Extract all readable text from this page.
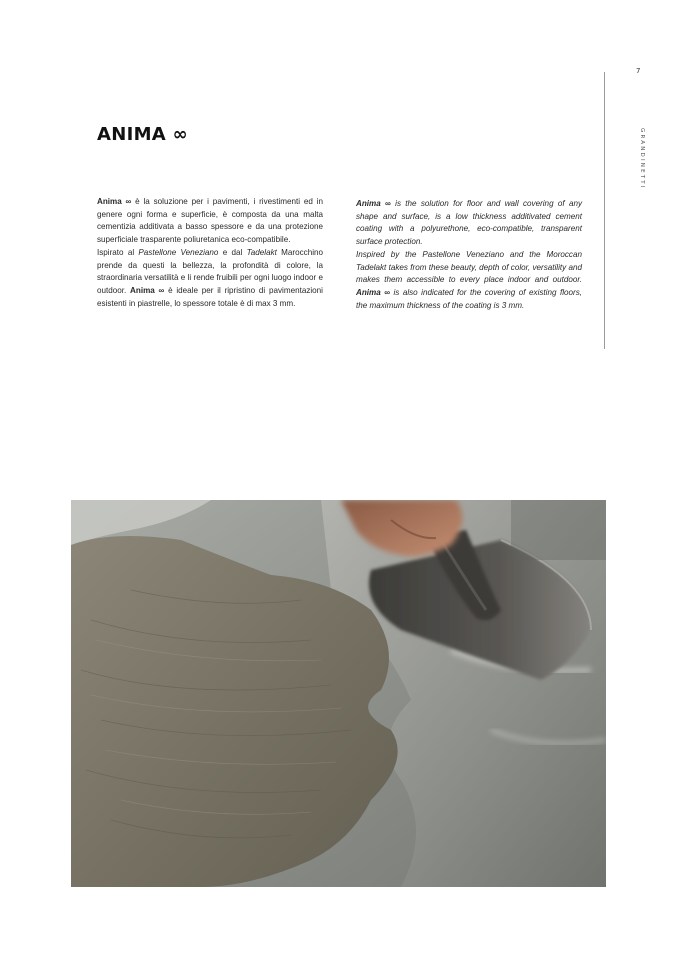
7
GRANDINETTI
ANIMA ∞

Anima ∞ è la soluzione per i pavimenti, i rivestimenti ed in genere ogni forma e superficie, è composta da una malta cementizia additivata a basso spessore e da una protezione superficiale trasparente poliuretanica eco-compatibile.

Ispirato al Pastellone Veneziano e dal Tadelakt Marocchino prende da questi la bellezza, la profondità di colore, la straordinaria versatilità e li rende fruibili per ogni luogo indoor e outdoor. Anima ∞ è ideale per il ripristino di pavimentazioni esistenti in piastrelle, lo spessore totale è di max 3 mm.

Anima ∞ is the solution for floor and wall covering of any shape and surface, is a low thickness additivated cement coating with a polyurethone, eco-compatible, transparent surface protection.

Inspired by the Pastellone Veneziano and the Moroccan Tadelakt takes from these beauty, depth of color, versatility and makes them accessible to every place indoor and outdoor. Anima ∞ is also indicated for the covering of existing floors, the maximum thickness of the coating is 3 mm.
